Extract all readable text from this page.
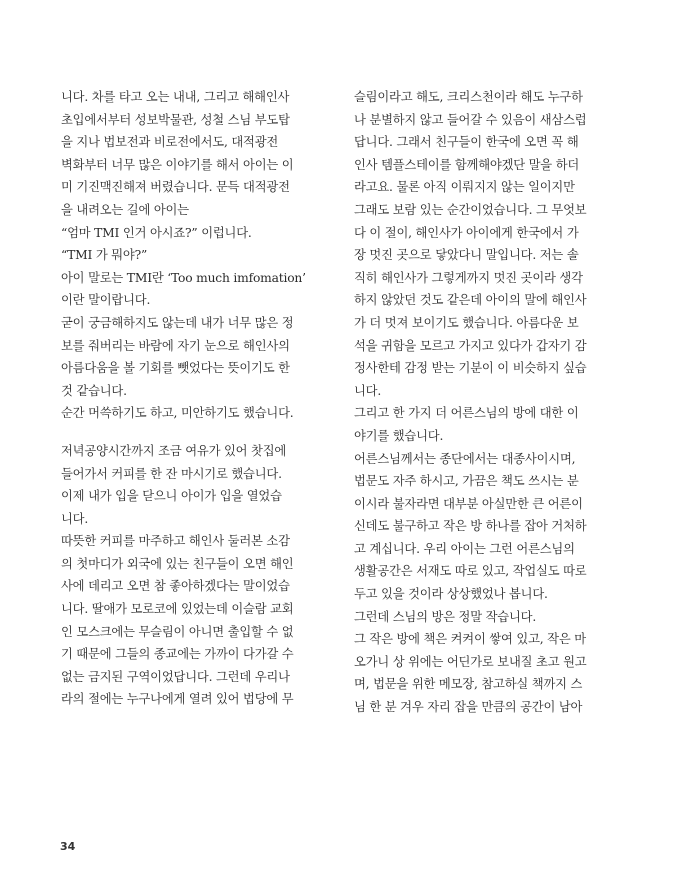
니다. 차를 타고 오는 내내, 그리고 해해인사
초입에서부터 성보박물관, 성철 스님 부도탑
을 지나 법보전과 비로전에서도, 대적광전
벽화부터 너무 많은 이야기를 해서 아이는 이
미 기진맥진해져 버렸습니다. 문득 대적광전
을 내려오는 길에 아이는
“엄마 TMI 인거 아시죠?” 이럽니다.
“TMI 가 뭐야?”
아이 말로는 TMI란 ‘Too much imfomation’
이란 말이랍니다.
굳이 궁금해하지도 않는데 내가 너무 많은 정
보를 줘버리는 바람에 자기 눈으로 해인사의
아름다움을 볼 기회를 뺏었다는 뜻이기도 한
것 같습니다.
순간 머쓱하기도 하고, 미안하기도 했습니다.
저녁공양시간까지 조금 여유가 있어 찻집에
들어가서 커피를 한 잔 마시기로 했습니다.
이제 내가 입을 닫으니 아이가 입을 열었습
니다.
따뜻한 커피를 마주하고 해인사 둘러본 소감
의 첫마디가 외국에 있는 친구들이 오면 해인
사에 데리고 오면 참 좋아하겠다는 말이었습
니다. 딸애가 모로코에 있었는데 이슬람 교회
인 모스크에는 무슬림이 아니면 출입할 수 없
기 때문에 그들의 종교에는 가까이 다가갈 수
없는 금지된 구역이었답니다. 그런데 우리나
라의 절에는 누구나에게 열려 있어 법당에 무
슬림이라고 해도, 크리스천이라 해도 누구하
나 분별하지 않고 들어갈 수 있음이 새삼스럽
답니다. 그래서 친구들이 한국에 오면 꼭 해
인사 템플스테이를 함께해야겠단 말을 하더
라고요. 물론 아직 이뤄지지 않는 일이지만
그래도 보람 있는 순간이었습니다. 그 무엇보
다 이 절이, 해인사가 아이에게 한국에서 가
장 멋진 곳으로 닿았다니 말입니다. 저는 솔
직히 해인사가 그렇게까지 멋진 곳이라 생각
하지 않았던 것도 같은데 아이의 말에 해인사
가 더 멋져 보이기도 했습니다. 아름다운 보
석을 귀함을 모르고 가지고 있다가 갑자기 감
정사한테 감정 받는 기분이 이 비슷하지 싶습
니다.
그리고 한 가지 더 어른스님의 방에 대한 이
야기를 했습니다.
어른스님께서는 종단에서는 대종사이시며,
법문도 자주 하시고, 가끔은 책도 쓰시는 분
이시라 불자라면 대부분 아실만한 큰 어른이
신데도 불구하고 작은 방 하나를 잡아 거처하
고 계십니다. 우리 아이는 그런 어른스님의
생활공간은 서재도 따로 있고, 작업실도 따로
두고 있을 것이라 상상했었나 봅니다.
그런데 스님의 방은 정말 작습니다.
그 작은 방에 책은 켜켜이 쌓여 있고, 작은 마
오가니 상 위에는 어딘가로 보내질 초고 원고
며, 법문을 위한 메모장, 참고하실 책까지 스
님 한 분 겨우 자리 잡을 만큼의 공간이 남아
34
